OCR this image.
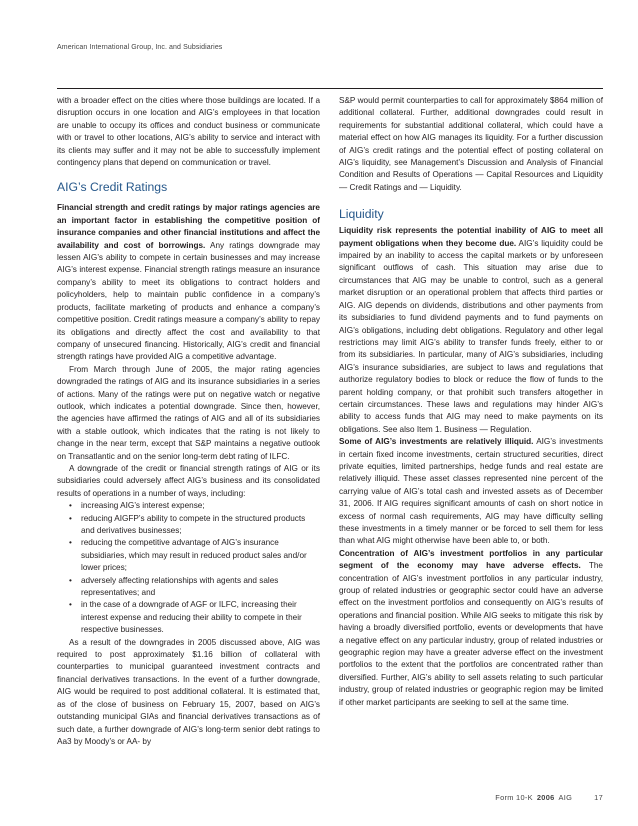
American International Group, Inc. and Subsidiaries

with a broader effect on the cities where those buildings are located. If a disruption occurs in one location and AIG’s employees in that location are unable to occupy its offices and conduct business or communicate with or travel to other locations, AIG’s ability to service and interact with its clients may suffer and it may not be able to successfully implement contingency plans that depend on communication or travel.

AIG’s Credit Ratings

Financial strength and credit ratings by major ratings agencies are an important factor in establishing the competitive position of insurance companies and other financial institutions and affect the availability and cost of borrowings. Any ratings downgrade may lessen AIG’s ability to compete in certain businesses and may increase AIG’s interest expense. Financial strength ratings measure an insurance company’s ability to meet its obligations to contract holders and policyholders, help to maintain public confidence in a company’s products, facilitate marketing of products and enhance a company’s competitive position. Credit ratings measure a company’s ability to repay its obligations and directly affect the cost and availability to that company of unsecured financing. Historically, AIG’s credit and financial strength ratings have provided AIG a competitive advantage.

From March through June of 2005, the major rating agencies downgraded the ratings of AIG and its insurance subsidiaries in a series of actions. Many of the ratings were put on negative watch or negative outlook, which indicates a potential downgrade. Since then, however, the agencies have affirmed the ratings of AIG and all of its subsidiaries with a stable outlook, which indicates that the rating is not likely to change in the near term, except that S&P maintains a negative outlook on Transatlantic and on the senior long-term debt rating of ILFC.

A downgrade of the credit or financial strength ratings of AIG or its subsidiaries could adversely affect AIG’s business and its consolidated results of operations in a number of ways, including:

• increasing AIG’s interest expense;
• reducing AIGFP’s ability to compete in the structured products and derivatives businesses;
• reducing the competitive advantage of AIG’s insurance subsidiaries, which may result in reduced product sales and/or lower prices;
• adversely affecting relationships with agents and sales representatives; and
• in the case of a downgrade of AGF or ILFC, increasing their interest expense and reducing their ability to compete in their respective businesses.

As a result of the downgrades in 2005 discussed above, AIG was required to post approximately $1.16 billion of collateral with counterparties to municipal guaranteed investment contracts and financial derivatives transactions. In the event of a further downgrade, AIG would be required to post additional collateral. It is estimated that, as of the close of business on February 15, 2007, based on AIG’s outstanding municipal GIAs and financial derivatives transactions as of such date, a further downgrade of AIG’s long-term senior debt ratings to Aa3 by Moody’s or AA- by

S&P would permit counterparties to call for approximately $864 million of additional collateral. Further, additional downgrades could result in requirements for substantial additional collateral, which could have a material effect on how AIG manages its liquidity. For a further discussion of AIG’s credit ratings and the potential effect of posting collateral on AIG’s liquidity, see Management’s Discussion and Analysis of Financial Condition and Results of Operations — Capital Resources and Liquidity — Credit Ratings and — Liquidity.

Liquidity

Liquidity risk represents the potential inability of AIG to meet all payment obligations when they become due. AIG’s liquidity could be impaired by an inability to access the capital markets or by unforeseen significant outflows of cash. This situation may arise due to circumstances that AIG may be unable to control, such as a general market disruption or an operational problem that affects third parties or AIG. AIG depends on dividends, distributions and other payments from its subsidiaries to fund dividend payments and to fund payments on AIG’s obligations, including debt obligations. Regulatory and other legal restrictions may limit AIG’s ability to transfer funds freely, either to or from its subsidiaries. In particular, many of AIG’s subsidiaries, including AIG’s insurance subsidiaries, are subject to laws and regulations that authorize regulatory bodies to block or reduce the flow of funds to the parent holding company, or that prohibit such transfers altogether in certain circumstances. These laws and regulations may hinder AIG’s ability to access funds that AIG may need to make payments on its obligations. See also Item 1. Business — Regulation.

Some of AIG’s investments are relatively illiquid. AIG’s investments in certain fixed income investments, certain structured securities, direct private equities, limited partnerships, hedge funds and real estate are relatively illiquid. These asset classes represented nine percent of the carrying value of AIG’s total cash and invested assets as of December 31, 2006. If AIG requires significant amounts of cash on short notice in excess of normal cash requirements, AIG may have difficulty selling these investments in a timely manner or be forced to sell them for less than what AIG might otherwise have been able to, or both.

Concentration of AIG’s investment portfolios in any particular segment of the economy may have adverse effects. The concentration of AIG’s investment portfolios in any particular industry, group of related industries or geographic sector could have an adverse effect on the investment portfolios and consequently on AIG’s results of operations and financial position. While AIG seeks to mitigate this risk by having a broadly diversified portfolio, events or developments that have a negative effect on any particular industry, group of related industries or geographic region may have a greater adverse effect on the investment portfolios to the extent that the portfolios are concentrated rather than diversified. Further, AIG’s ability to sell assets relating to such particular industry, group of related industries or geographic region may be limited if other market participants are seeking to sell at the same time.

Form 10-K 2006 AIG	17
